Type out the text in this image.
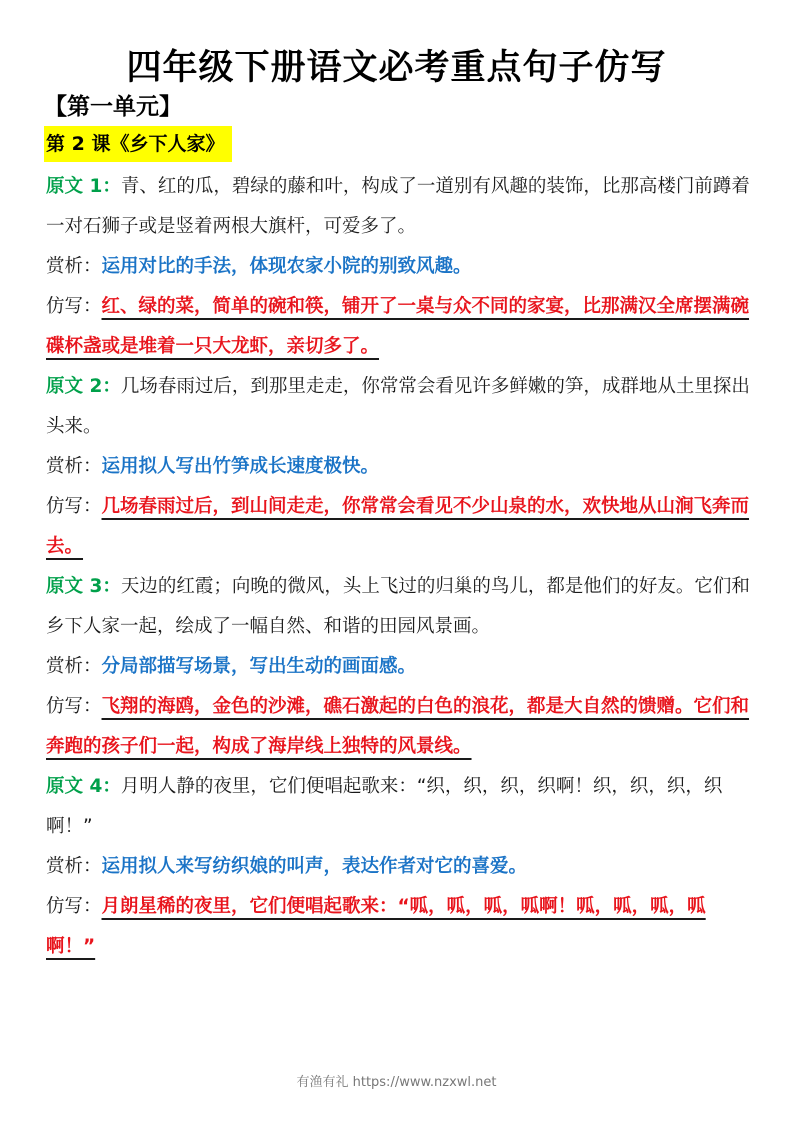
四年级下册语文必考重点句子仿写
【第一单元】
第 2 课《乡下人家》

原文 1：青、红的瓜，碧绿的藤和叶，构成了一道别有风趣的装饰，比那高楼门前蹲着一对石狮子或是竖着两根大旗杆，可爱多了。

赏析：运用对比的手法，体现农家小院的别致风趣。

仿写：红、绿的菜，简单的碗和筷，铺开了一桌与众不同的家宴，比那满汉全席摆满碗碟杯盏或是堆着一只大龙虾，亲切多了。

原文 2：几场春雨过后，到那里走走，你常常会看见许多鲜嫩的笋，成群地从土里探出头来。

赏析：运用拟人写出竹笋成长速度极快。

仿写：几场春雨过后，到山间走走，你常常会看见不少山泉的水，欢快地从山涧飞奔而去。

原文 3：天边的红霞；向晚的微风，头上飞过的归巢的鸟儿，都是他们的好友。它们和乡下人家一起，绘成了一幅自然、和谐的田园风景画。

赏析：分局部描写场景，写出生动的画面感。

仿写：飞翔的海鸥，金色的沙滩，礁石激起的白色的浪花，都是大自然的馈赠。它们和奔跑的孩子们一起，构成了海岸线上独特的风景线。

原文 4：月明人静的夜里，它们便唱起歌来：“织，织，织，织啊！织，织，织，织啊！”

赏析：运用拟人来写纺织娘的叫声，表达作者对它的喜爱。

仿写：月朗星稀的夜里，它们便唱起歌来：“呱，呱，呱，呱啊！呱，呱，呱，呱啊！”

有渔有礼 https://www.nzxwl.net
